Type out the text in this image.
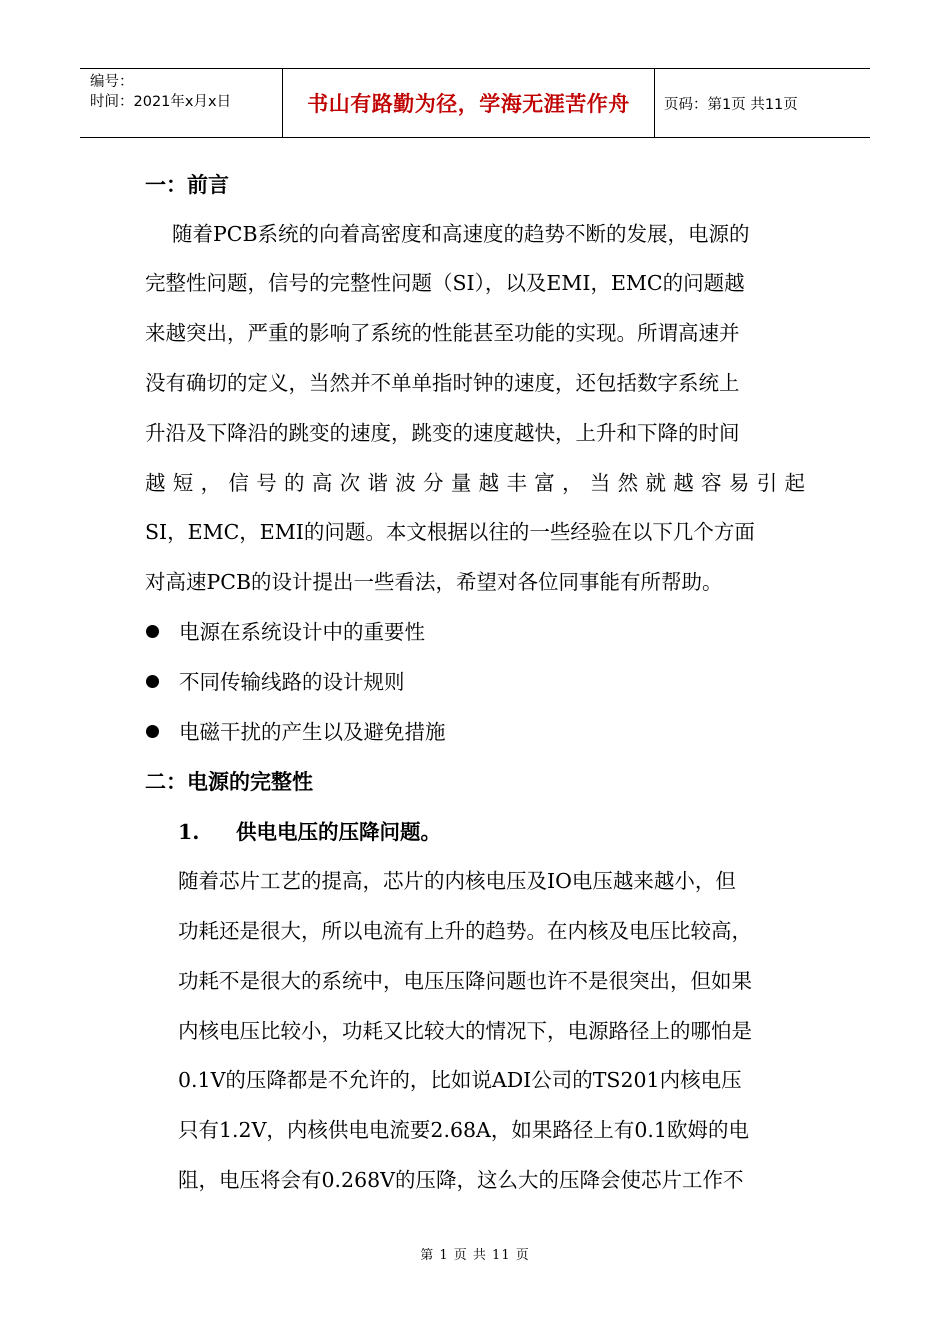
编号：
时间：2021年x月x日	书山有路勤为径，学海无涯苦作舟	页码：第1页 共11页
一：前言
随着PCB系统的向着高密度和高速度的趋势不断的发展，电源的
完整性问题，信号的完整性问题（SI），以及EMI，EMC的问题越
来越突出，严重的影响了系统的性能甚至功能的实现。所谓高速并
没有确切的定义，当然并不单单指时钟的速度，还包括数字系统上
升沿及下降沿的跳变的速度，跳变的速度越快，上升和下降的时间
越短，信号的高次谐波分量越丰富，当然就越容易引起
SI，EMC，EMI的问题。本文根据以往的一些经验在以下几个方面
对高速PCB的设计提出一些看法，希望对各位同事能有所帮助。
电源在系统设计中的重要性
不同传输线路的设计规则
电磁干扰的产生以及避免措施
二：电源的完整性
1. 供电电压的压降问题。
随着芯片工艺的提高，芯片的内核电压及IO电压越来越小，但
功耗还是很大，所以电流有上升的趋势。在内核及电压比较高，
功耗不是很大的系统中，电压压降问题也许不是很突出，但如果
内核电压比较小，功耗又比较大的情况下，电源路径上的哪怕是
0.1V的压降都是不允许的，比如说ADI公司的TS201内核电压
只有1.2V，内核供电电流要2.68A，如果路径上有0.1欧姆的电
阻，电压将会有0.268V的压降，这么大的压降会使芯片工作不
第 1 页 共 11 页
